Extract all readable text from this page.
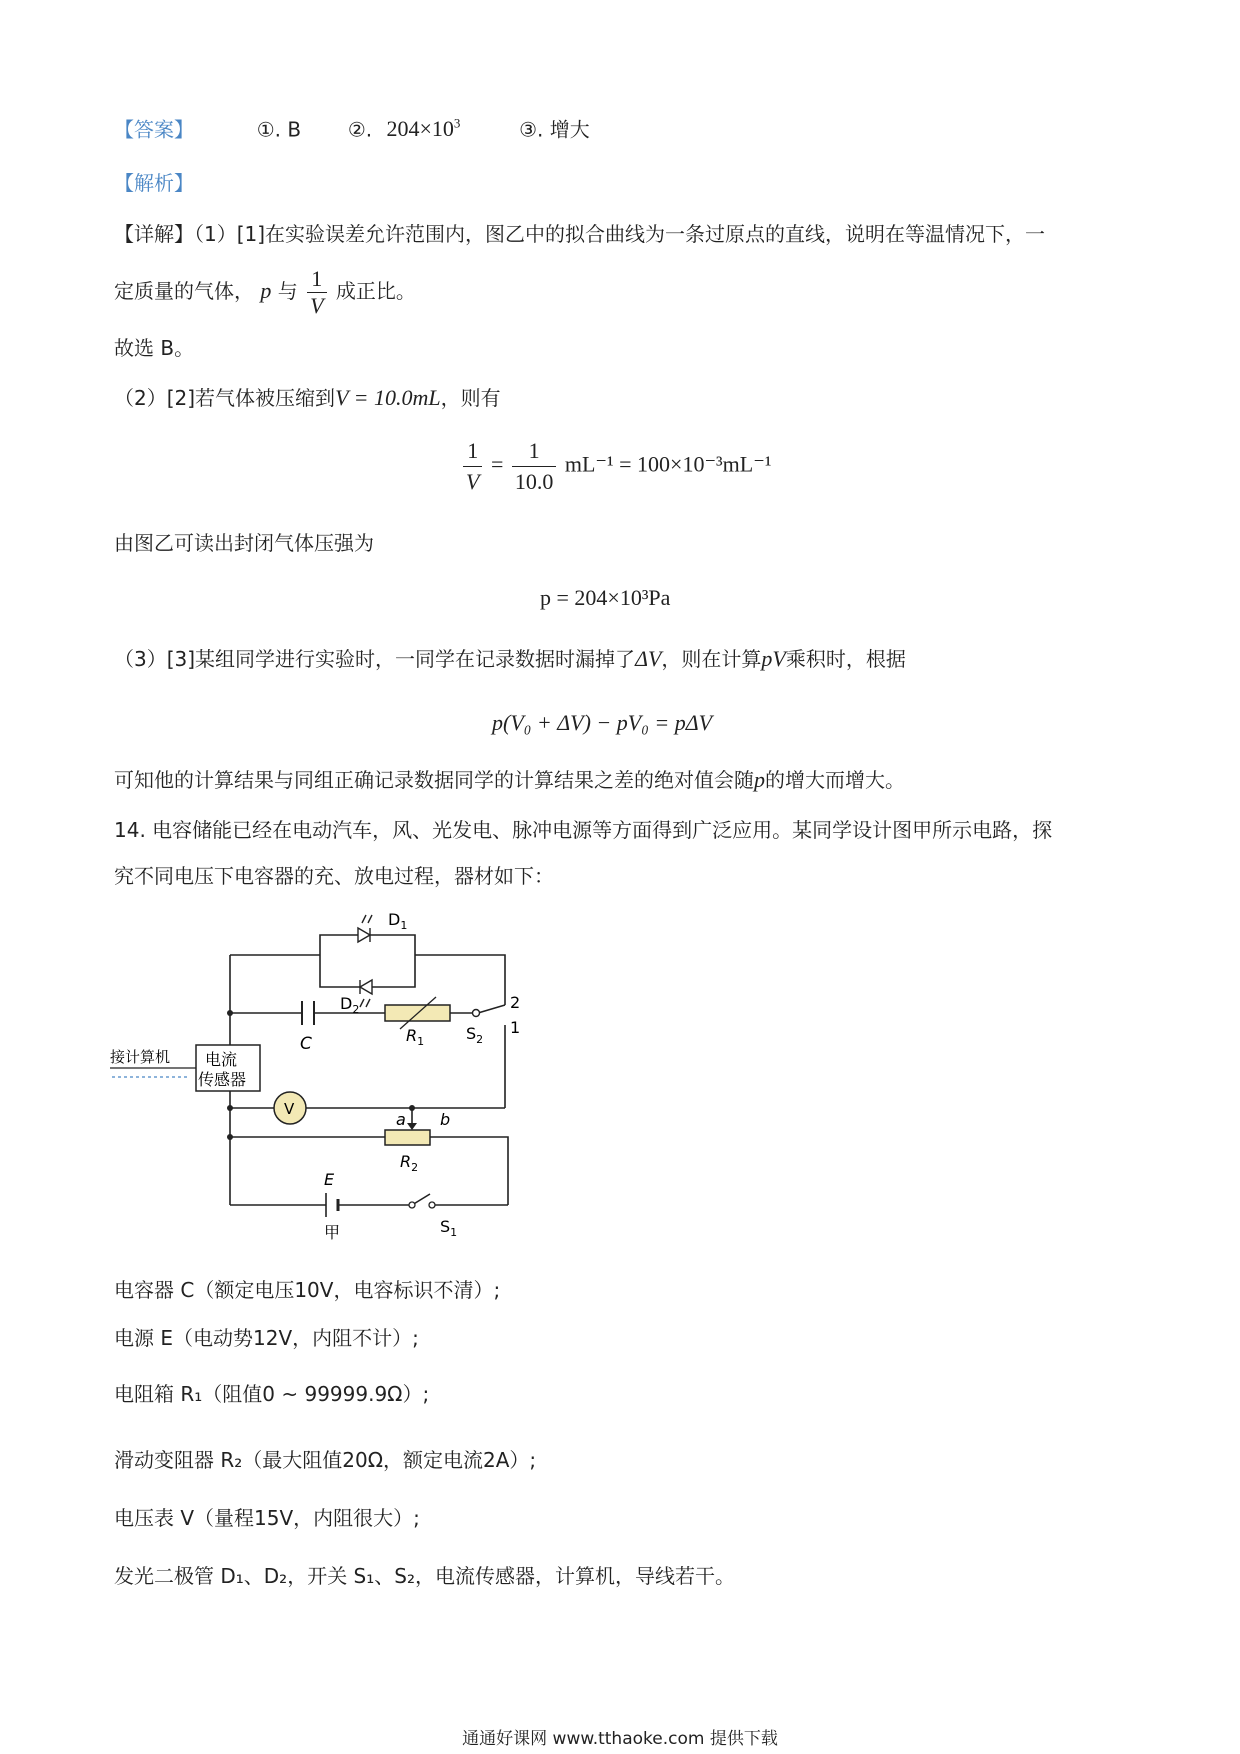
【答案】	①. B ②. $204\times 10^3$	③. 增大
【解析】
【详解】（1）[1]在实验误差允许范围内，图乙中的拟合曲线为一条过原点的直线，说明在等温情况下，一
定质量的气体， p 与 $\frac{1}{V}$ 成正比。
故选 B。
（2）[2]若气体被压缩到V = 10.0mL，则有
$\frac{1}{V} = \frac{1}{10.0} mL^{-1} = 100\times 10^{-3}mL^{-1}$
由图乙可读出封闭气体压强为
p = 204×10³Pa
（3）[3]某组同学进行实验时，一同学在记录数据时漏掉了ΔV，则在计算pV乘积时，根据
p(V₀ + ΔV) − pV₀ = pΔV
可知他的计算结果与同组正确记录数据同学的计算结果之差的绝对值会随p的增大而增大。
14. 电容储能已经在电动汽车，风、光发电、脉冲电源等方面得到广泛应用。某同学设计图甲所示电路，探
究不同电压下电容器的充、放电过程，器材如下：
$D_1$
$D_2$
C	$R_1$	$S_2$
2
1
接计算机 电流
传感器
V
a b
$R_2$
E
甲	$S_1$
电容器 C（额定电压10V，电容标识不清）;
电源 E（电动势12V，内阻不计）;
电阻箱 R₁（阻值0 ~ 99999.9Ω）;
滑动变阻器 R₂（最大阻值20Ω，额定电流2A）;
电压表 V（量程15V，内阻很大）;
发光二极管 D₁、D₂，开关 S₁、S₂，电流传感器，计算机，导线若干。
通通好课网 www.tthaoke.com 提供下载
